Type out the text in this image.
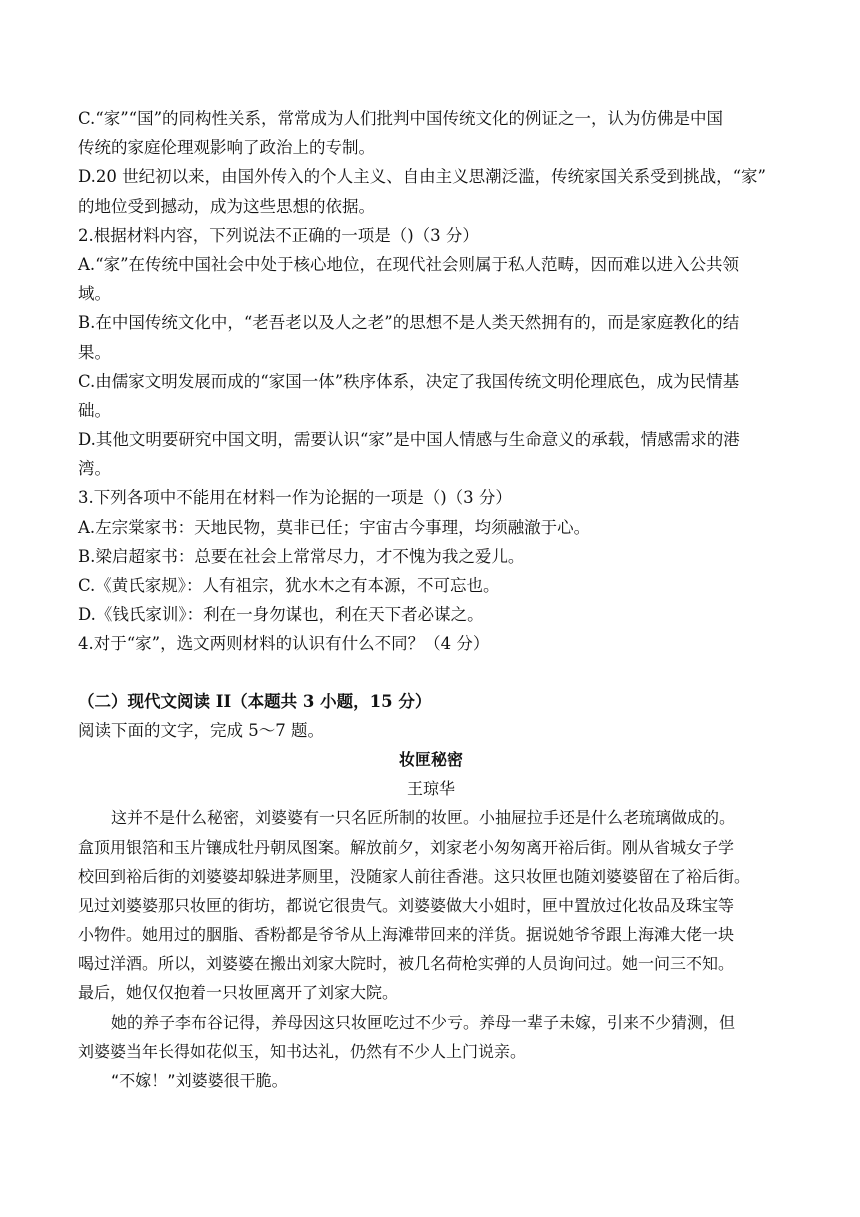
C.“家”“国”的同构性关系，常常成为人们批判中国传统文化的例证之一，认为仿佛是中国
传统的家庭伦理观影响了政治上的专制。
D.20 世纪初以来，由国外传入的个人主义、自由主义思潮泛滥，传统家国关系受到挑战，“家”
的地位受到撼动，成为这些思想的依据。
2.根据材料内容，下列说法不正确的一项是（)（3 分）
A.“家”在传统中国社会中处于核心地位，在现代社会则属于私人范畴，因而难以进入公共领
域。
B.在中国传统文化中，“老吾老以及人之老”的思想不是人类天然拥有的，而是家庭教化的结
果。
C.由儒家文明发展而成的“家国一体”秩序体系，决定了我国传统文明伦理底色，成为民情基
础。
D.其他文明要研究中国文明，需要认识“家”是中国人情感与生命意义的承载，情感需求的港
湾。
3.下列各项中不能用在材料一作为论据的一项是（)（3 分）
A.左宗棠家书：天地民物，莫非已任；宇宙古今事理，均须融澈于心。
B.梁启超家书：总要在社会上常常尽力，才不愧为我之爱儿。
C.《黄氏家规》：人有祖宗，犹水木之有本源，不可忘也。
D.《钱氏家训》：利在一身勿谋也，利在天下者必谋之。
4.对于“家”，选文两则材料的认识有什么不同？（4 分）
（二）现代文阅读 II（本题共 3 小题，15 分）
阅读下面的文字，完成 5～7 题。
妆匣秘密
王琼华
这并不是什么秘密，刘婆婆有一只名匠所制的妆匣。小抽屉拉手还是什么老琉璃做成的。
盒顶用银箔和玉片镶成牡丹朝凤图案。解放前夕，刘家老小匆匆离开裕后街。刚从省城女子学
校回到裕后街的刘婆婆却躲进茅厕里，没随家人前往香港。这只妆匣也随刘婆婆留在了裕后街。
见过刘婆婆那只妆匣的街坊，都说它很贵气。刘婆婆做大小姐时，匣中置放过化妆品及珠宝等
小物件。她用过的胭脂、香粉都是爷爷从上海滩带回来的洋货。据说她爷爷跟上海滩大佬一块
喝过洋酒。所以，刘婆婆在搬出刘家大院时，被几名荷枪实弹的人员询问过。她一问三不知。
最后，她仅仅抱着一只妆匣离开了刘家大院。
她的养子李布谷记得，养母因这只妆匣吃过不少亏。养母一辈子未嫁，引来不少猜测，但
刘婆婆当年长得如花似玉，知书达礼，仍然有不少人上门说亲。
“不嫁！”刘婆婆很干脆。
